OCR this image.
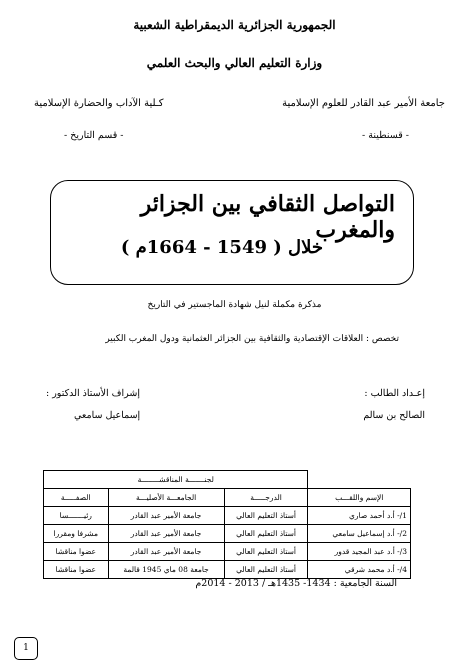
الجمهورية الجزائرية الديمقراطية الشعبية
وزارة التعليم العالي والبحث العلمي
جامعة الأمير عبد القادر للعلوم الإسلامية
كـلية الآداب والحضارة الإسلامية
- قسنطينة -
- قسم التاريخ -
التواصل الثقافي بين الجزائر والمغرب
خلال ( 1549 - 1664م )
مذكرة مكملة لنيل شهادة الماجستير في التاريخ
تخصص : العلاقات الإقتصادية والثقافية بين الجزائر العثمانية ودول المغرب الكبير
إعـداد الطالب :
الصالح بن سالم
إشراف الأستاذ الدكتور :
إسماعيل سامعي
	لجنـــــــة المناقشــــــــة		
الإسم واللقـــب	الدرجـــــة	الجامعـــة الأصليـــة	الصفـــــة
1/- أ.د أحمد صاري	أستاذ التعليم العالي	جامعة الأمير عبد القادر	رئيـــــــسا
2/- أ.د إسماعيل سامعي	أستاذ التعليم العالي	جامعة الأمير عبد القادر	مشرفا ومقررا
3/- أ.د عبد المجيد قدور	أستاذ التعليم العالي	جامعة الأمير عبد القادر	عضوا مناقشا
4/- أ.د محمد شرقي	أستاذ التعليم العالي	جامعة 08 ماي 1945 قالمة	عضوا مناقشا
السنة الجامعية : 1434- 1435هـ / 2013 - 2014م
1
